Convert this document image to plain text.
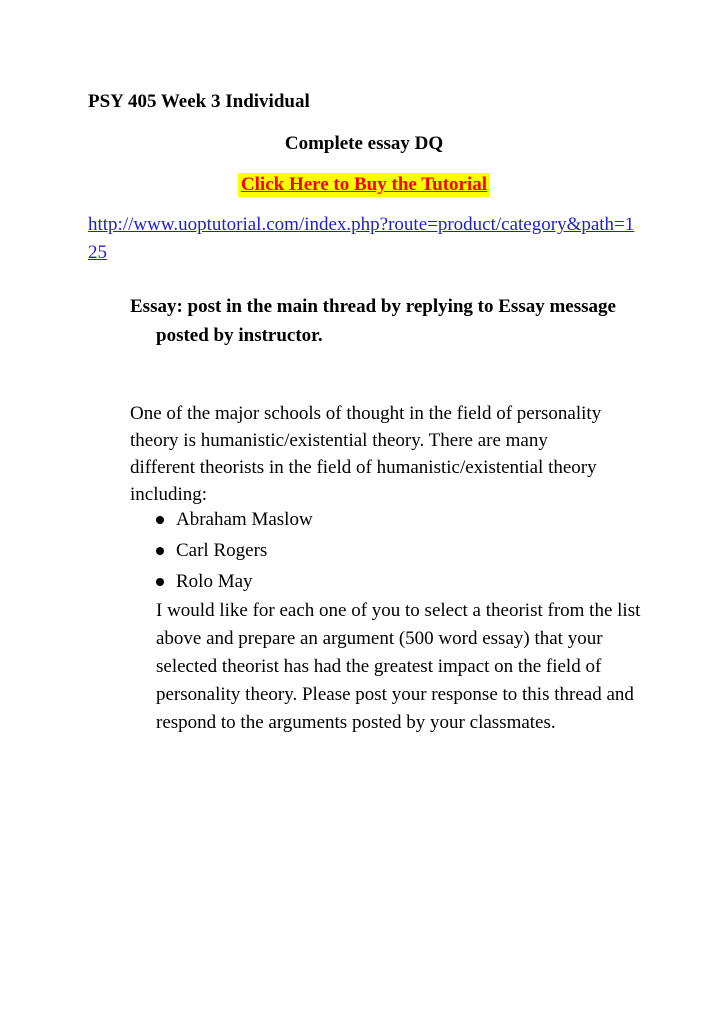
PSY 405 Week 3 Individual
Complete essay DQ
Click Here to Buy the Tutorial
http://www.uoptutorial.com/index.php?route=product/category&path=125
Essay: post in the main thread by replying to Essay message posted by instructor.
One of the major schools of thought in the field of personality theory is humanistic/existential theory. There are many different theorists in the field of humanistic/existential theory including:
Abraham Maslow
Carl Rogers
Rolo May
I would like for each one of you to select a theorist from the list above and prepare an argument (500 word essay) that your selected theorist has had the greatest impact on the field of personality theory. Please post your response to this thread and respond to the arguments posted by your classmates.
